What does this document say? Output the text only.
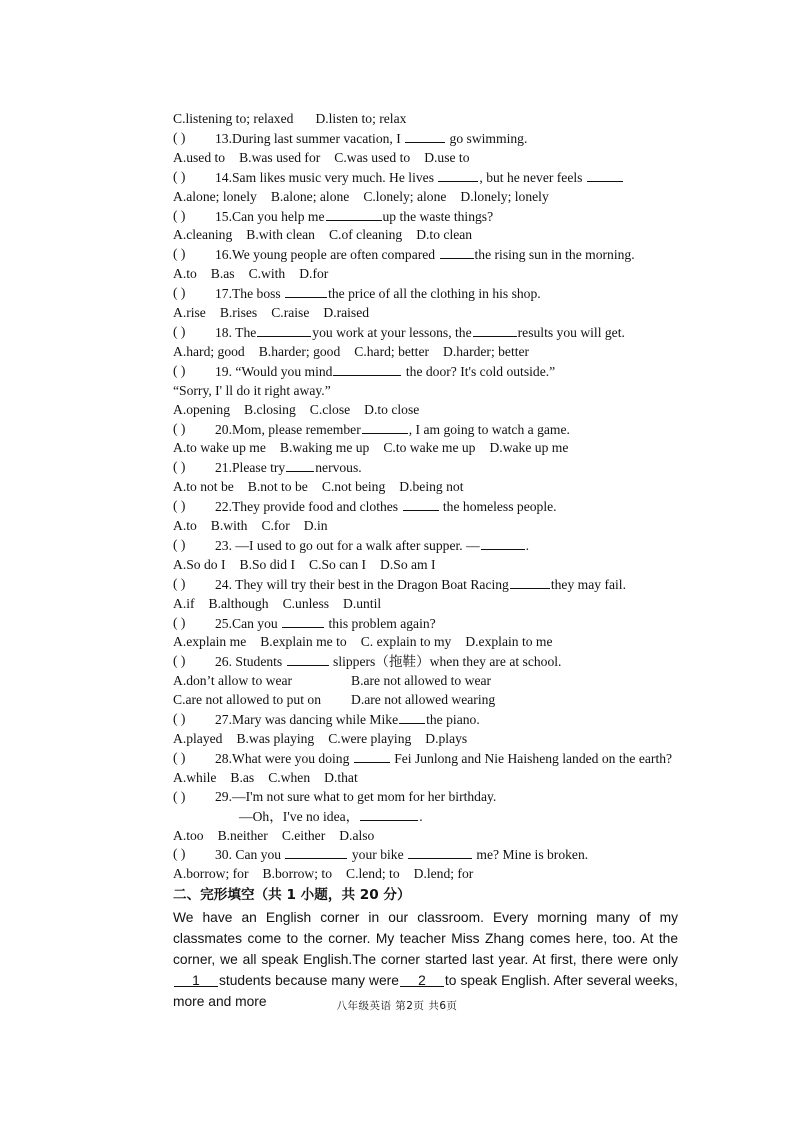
C.listening to; relaxed D.listen to; relax
( )	13.During last summer vacation, I	go swimming.
A.used to B.was used for C.was used to D.use to
( )	14.Sam likes music very much. He lives	, but he never feels
A.alone; lonely B.alone; alone C.lonely; alone D.lonely; lonely
( )	15.Can you help me	up the waste things?
A.cleaning B.with clean C.of cleaning D.to clean
( )	16.We young people are often compared	the rising sun in the morning.
A.to B.as C.with D.for
( )	17.The boss	the price of all the clothing in his shop.
A.rise B.rises C.raise D.raised
( )	18. The	you work at your lessons, the	results you will get.
A.hard; good B.harder; good C.hard; better D.harder; better
( )	19. “Would you mind	the door? It's cold outside.”
“Sorry, I' ll do it right away.”
A.opening B.closing C.close D.to close
( )	20.Mom, please remember	, I am going to watch a game.
A.to wake up me B.waking me up C.to wake me up D.wake up me
( )	21.Please try nervous.
A.to not be B.not to be C.not being D.being not
( )	22.They provide food and clothes	the homeless people.
A.to B.with C.for D.in
( )	23. —I used to go out for a walk after supper. —	.
A.So do I B.So did I C.So can I D.So am I
( )	24. They will try their best in the Dragon Boat Racing	they may fail.
A.if B.although C.unless D.until
( )	25.Can you	this problem again?
A.explain me B.explain me to C. explain to my D.explain to me
( )	26. Students	slippers（拖鞋）when they are at school.
A.don’t allow to wear	B.are not allowed to wear
C.are not allowed to put on	D.are not allowed wearing
( )	27.Mary was dancing while Mike the piano.
A.played B.was playing C.were playing D.plays
( )	28.What were you doing	Fei Junlong and Nie Haisheng landed on the earth?
A.while B.as C.when D.that
( )	29.—I'm not sure what to get mom for her birthday.
—Oh，I've no idea，	.
A.too B.neither C.either D.also
( )	30. Can you	your bike	me? Mine is broken.
A.borrow; for B.borrow; to C.lend; to D.lend; for
二、完形填空（共 1 小题，共 20 分）
We have an English corner in our classroom. Every morning many of my classmates come to the corner. My teacher Miss Zhang comes here, too. At the corner, we all speak English.The corner started last year. At first, there were only1 students because many were 2 to speak English. After several weeks, more and more	八年级英语 第2页 共6页
